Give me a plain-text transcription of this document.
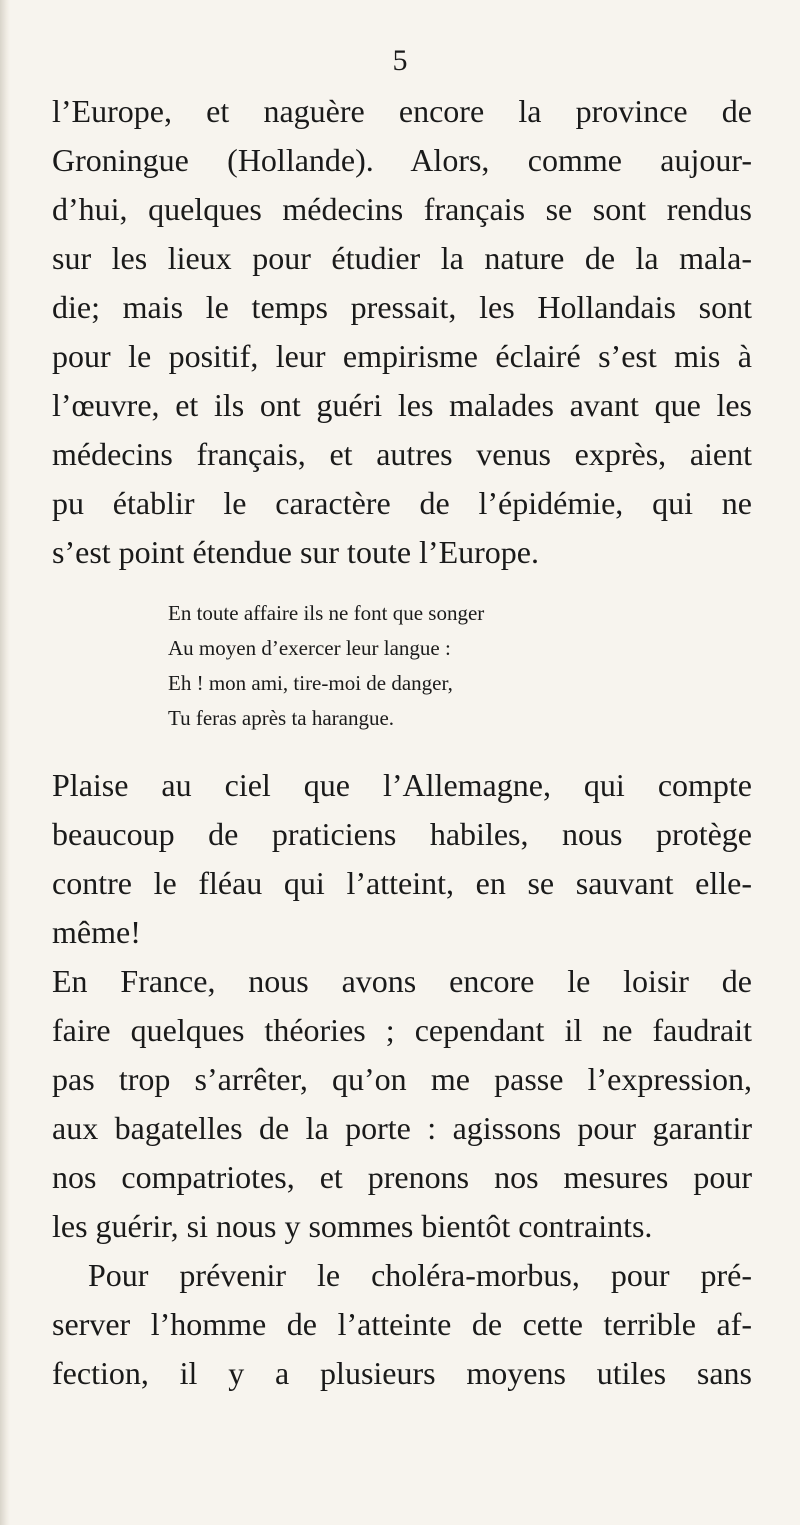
5
l’Europe, et naguère encore la province de
Groningue (Hollande). Alors, comme aujour-
d’hui, quelques médecins français se sont rendus
sur les lieux pour étudier la nature de la mala-
die; mais le temps pressait, les Hollandais sont
pour le positif, leur empirisme éclairé s’est mis à
l’œuvre, et ils ont guéri les malades avant que les
médecins français, et autres venus exprès, aient
pu établir le caractère de l’épidémie, qui ne
s’est point étendue sur toute l’Europe.
En toute affaire ils ne font que songer
Au moyen d’exercer leur langue :
Eh ! mon ami, tire-moi de danger,
Tu feras après ta harangue.
Plaise au ciel que l’Allemagne, qui compte
beaucoup de praticiens habiles, nous protège
contre le fléau qui l’atteint, en se sauvant elle-
même!
En France, nous avons encore le loisir de
faire quelques théories ; cependant il ne faudrait
pas trop s’arrêter, qu’on me passe l’expression,
aux bagatelles de la porte : agissons pour garantir
nos compatriotes, et prenons nos mesures pour
les guérir, si nous y sommes bientôt contraints.
Pour prévenir le choléra-morbus, pour pré-
server l’homme de l’atteinte de cette terrible af-
fection, il y a plusieurs moyens utiles sans
